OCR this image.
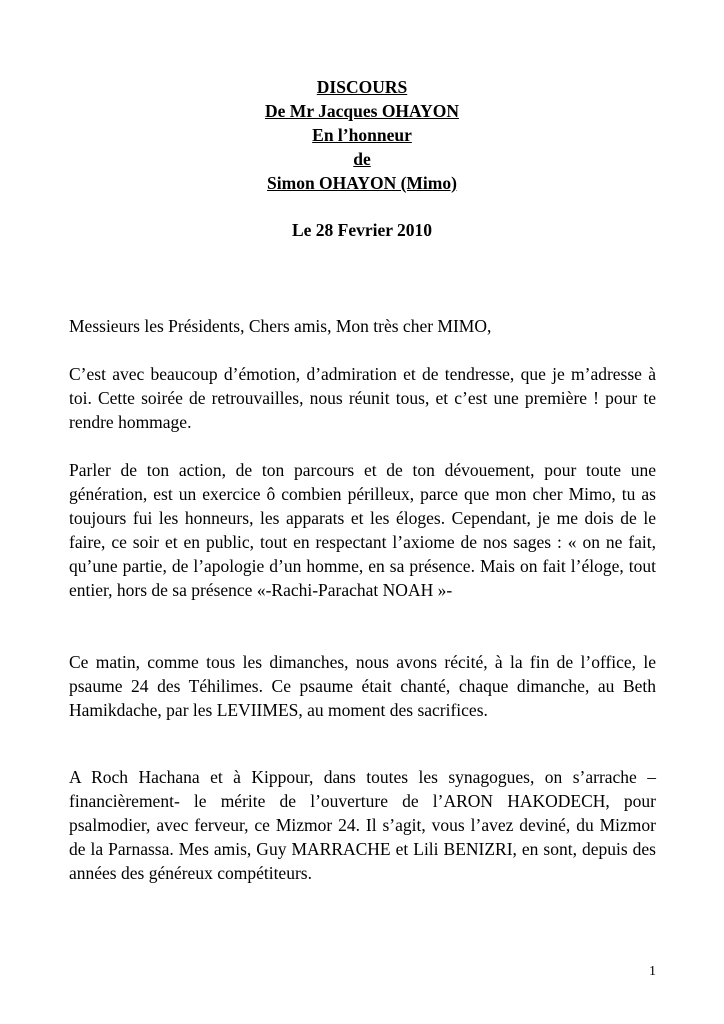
DISCOURS
De Mr Jacques OHAYON
En l’honneur
de
Simon OHAYON (Mimo)
Le 28 Fevrier 2010

Messieurs les Présidents, Chers amis, Mon très cher MIMO,

C’est avec beaucoup d’émotion, d’admiration et de tendresse, que je m’adresse à toi. Cette soirée de retrouvailles, nous réunit tous, et c’est une première ! pour te rendre hommage.

Parler de ton action, de ton parcours et de ton dévouement, pour toute une génération, est un exercice ô combien périlleux, parce que mon cher Mimo, tu as toujours fui les honneurs, les apparats et les éloges. Cependant, je me dois de le faire, ce soir et en public, tout en respectant l’axiome de nos sages : « on ne fait, qu’une partie, de l’apologie d’un homme, en sa présence. Mais on fait l’éloge, tout entier, hors de sa présence «-Rachi-Parachat NOAH »-

Ce matin, comme tous les dimanches, nous avons récité, à la fin de l’office, le psaume 24 des Téhilimes. Ce psaume était chanté, chaque dimanche, au Beth Hamikdache, par les LEVIIMES, au moment des sacrifices.

A Roch Hachana et à Kippour, dans toutes les synagogues, on s’arrache –financièrement- le mérite de l’ouverture de l’ARON HAKODECH, pour psalmodier, avec ferveur, ce Mizmor 24. Il s’agit, vous l’avez deviné, du Mizmor de la Parnassa. Mes amis, Guy MARRACHE et Lili BENIZRI, en sont, depuis des années des généreux compétiteurs.

1
